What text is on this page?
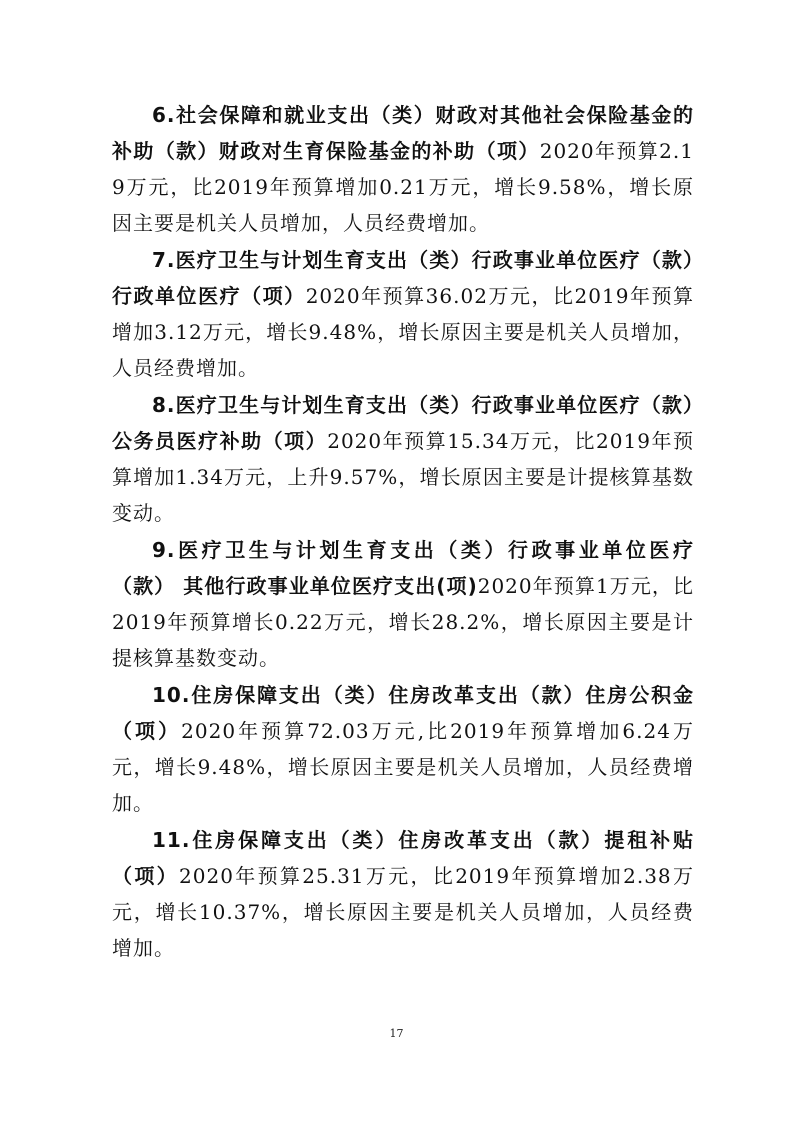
6.社会保障和就业支出（类）财政对其他社会保险基金的补助（款）财政对生育保险基金的补助（项）2020年预算2.19万元，比2019年预算增加0.21万元，增长9.58%，增长原因主要是机关人员增加，人员经费增加。

7.医疗卫生与计划生育支出（类）行政事业单位医疗（款）行政单位医疗（项）2020年预算36.02万元，比2019年预算增加3.12万元，增长9.48%，增长原因主要是机关人员增加，人员经费增加。

8.医疗卫生与计划生育支出（类）行政事业单位医疗（款）公务员医疗补助（项）2020年预算15.34万元，比2019年预算增加1.34万元，上升9.57%，增长原因主要是计提核算基数变动。

9.医疗卫生与计划生育支出（类）行政事业单位医疗（款） 其他行政事业单位医疗支出(项)2020年预算1万元，比2019年预算增长0.22万元，增长28.2%，增长原因主要是计提核算基数变动。

10.住房保障支出（类）住房改革支出（款）住房公积金（项）2020年预算72.03万元,比2019年预算增加6.24万元，增长9.48%，增长原因主要是机关人员增加，人员经费增加。

11.住房保障支出（类）住房改革支出（款）提租补贴（项）2020年预算25.31万元，比2019年预算增加2.38万元，增长10.37%，增长原因主要是机关人员增加，人员经费增加。

17
